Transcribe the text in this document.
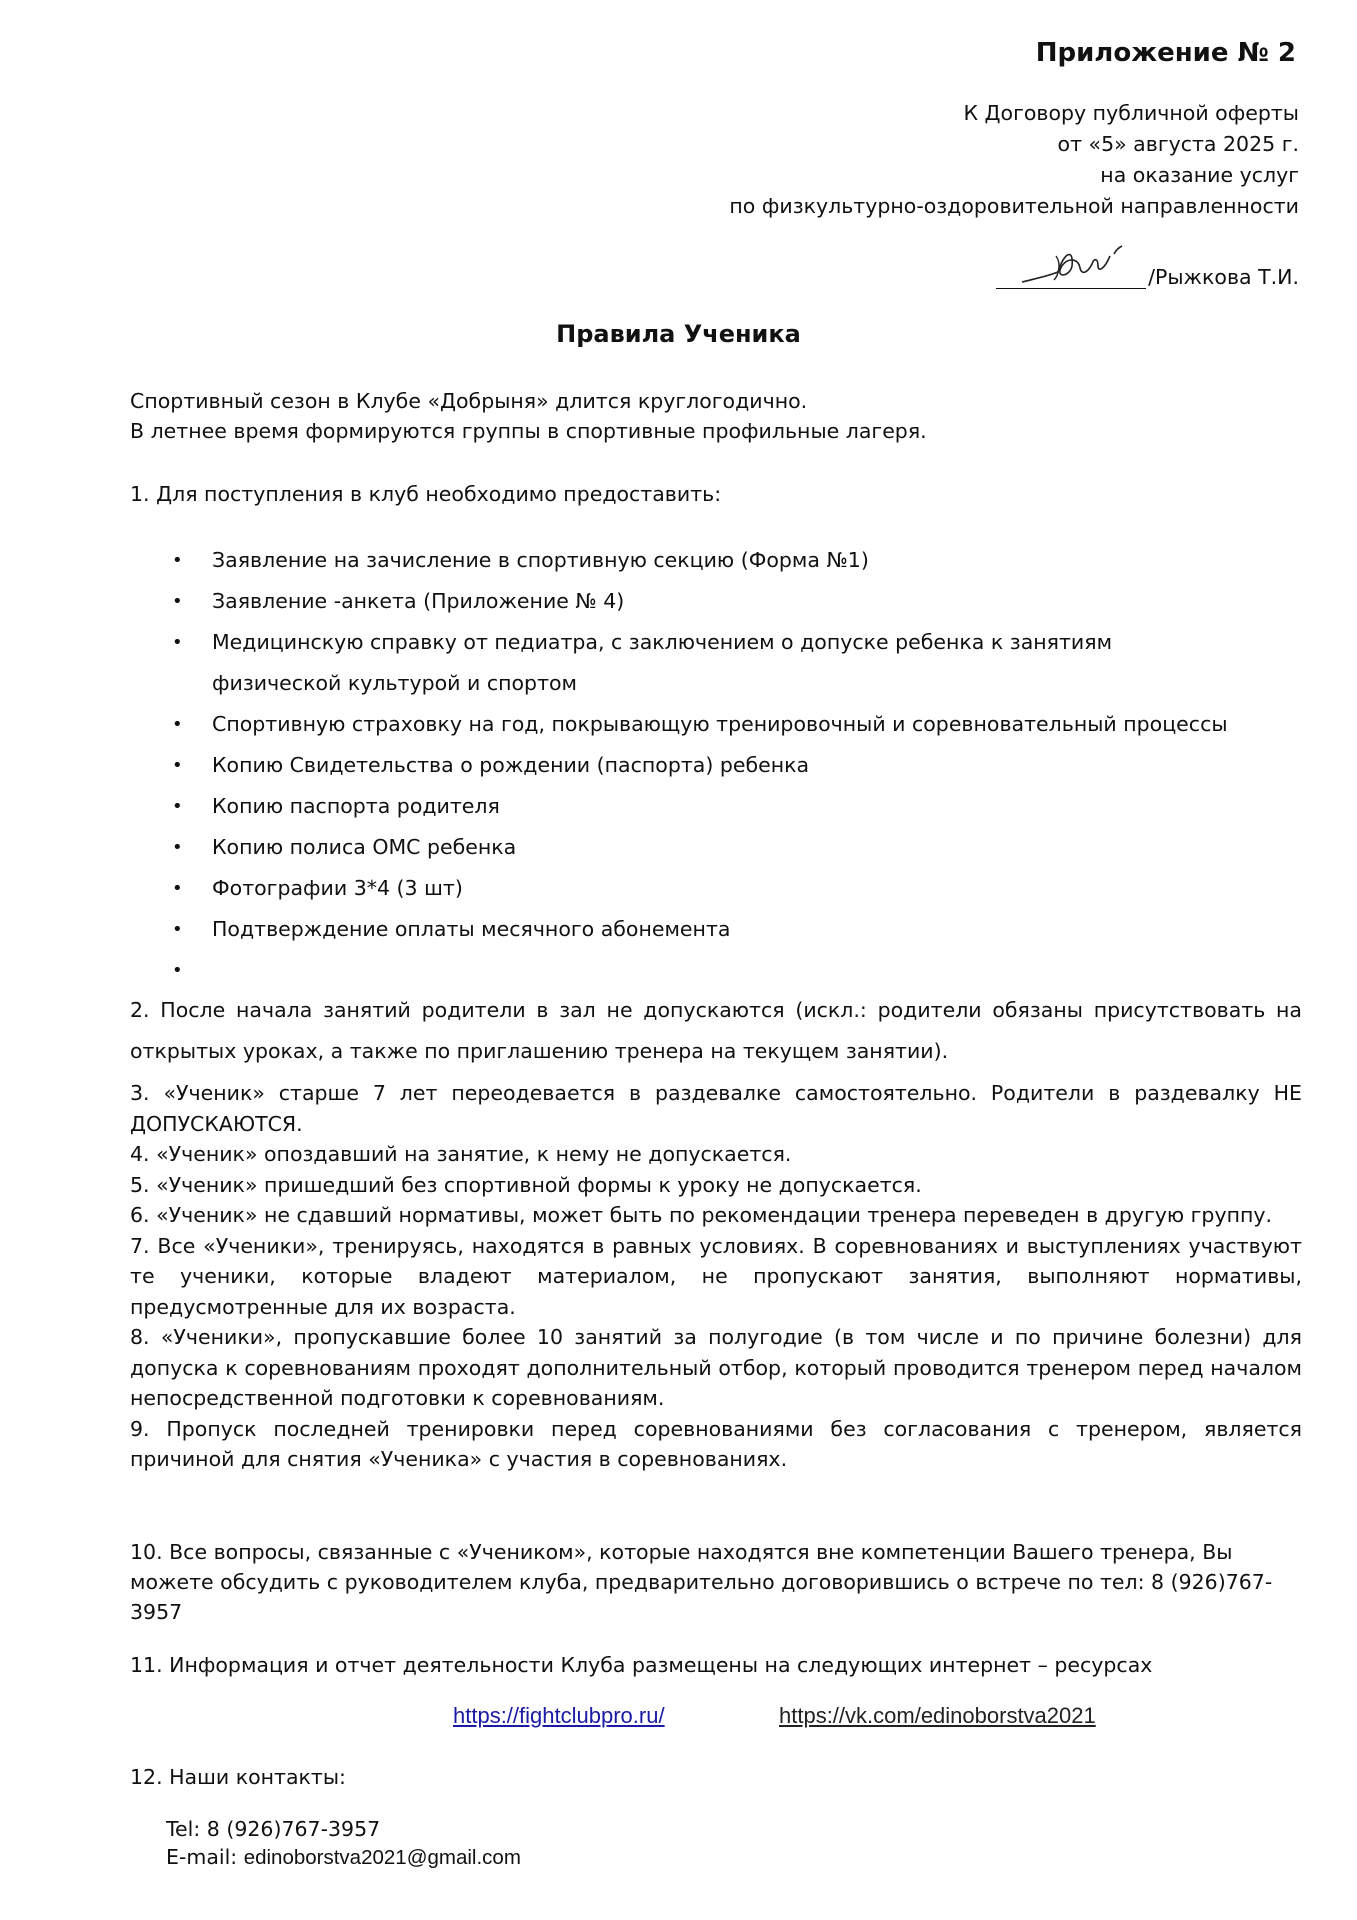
Приложение № 2
К Договору публичной оферты
от «5» августа 2025 г.
на оказание услуг
по физкультурно-оздоровительной направленности
/Рыжкова Т.И.
Правила Ученика
Спортивный сезон в Клубе «Добрыня» длится круглогодично.
В летнее время формируются группы в спортивные профильные лагеря.
1. Для поступления в клуб необходимо предоставить:
• Заявление на зачисление в спортивную секцию (Форма №1)
• Заявление -анкета (Приложение № 4)
• Медицинскую справку от педиатра, с заключением о допуске ребенка к занятиям
физической культурой и спортом
• Спортивную страховку на год, покрывающую тренировочный и соревновательный процессы
• Копию Свидетельства о рождении (паспорта) ребенка
• Копию паспорта родителя
• Копию полиса ОМС ребенка
• Фотографии 3*4 (3 шт)
• Подтверждение оплаты месячного абонемента
•
2. После начала занятий родители в зал не допускаются (искл.: родители обязаны присутствовать на открытых уроках, а также по приглашению тренера на текущем занятии).

3. «Ученик» старше 7 лет переодевается в раздевалке самостоятельно. Родители в раздевалку НЕ ДОПУСКАЮТСЯ.

4. «Ученик» опоздавший на занятие, к нему не допускается.

5. «Ученик» пришедший без спортивной формы к уроку не допускается.

6. «Ученик» не сдавший нормативы, может быть по рекомендации тренера переведен в другую группу.

7. Все «Ученики», тренируясь, находятся в равных условиях. В соревнованиях и выступлениях участвуют те ученики, которые владеют материалом, не пропускают занятия, выполняют нормативы, предусмотренные для их возраста.

8. «Ученики», пропускавшие более 10 занятий за полугодие (в том числе и по причине болезни) для допуска к соревнованиям проходят дополнительный отбор, который проводится тренером перед началом непосредственной подготовки к соревнованиям.

9. Пропуск последней тренировки перед соревнованиями без согласования с тренером, является причиной для снятия «Ученика» с участия в соревнованиях.

10. Все вопросы, связанные с «Учеником», которые находятся вне компетенции Вашего тренера, Вы можете обсудить с руководителем клуба, предварительно договорившись о встрече по тел: 8 (926)767-3957
11. Информация и отчет деятельности Клуба размещены на следующих интернет – ресурсах
https://fightclubpro.ru/	https://vk.com/edinoborstva2021
12. Наши контакты:
Tel: 8 (926)767-3957
E-mail: edinoborstva2021@gmail.com
